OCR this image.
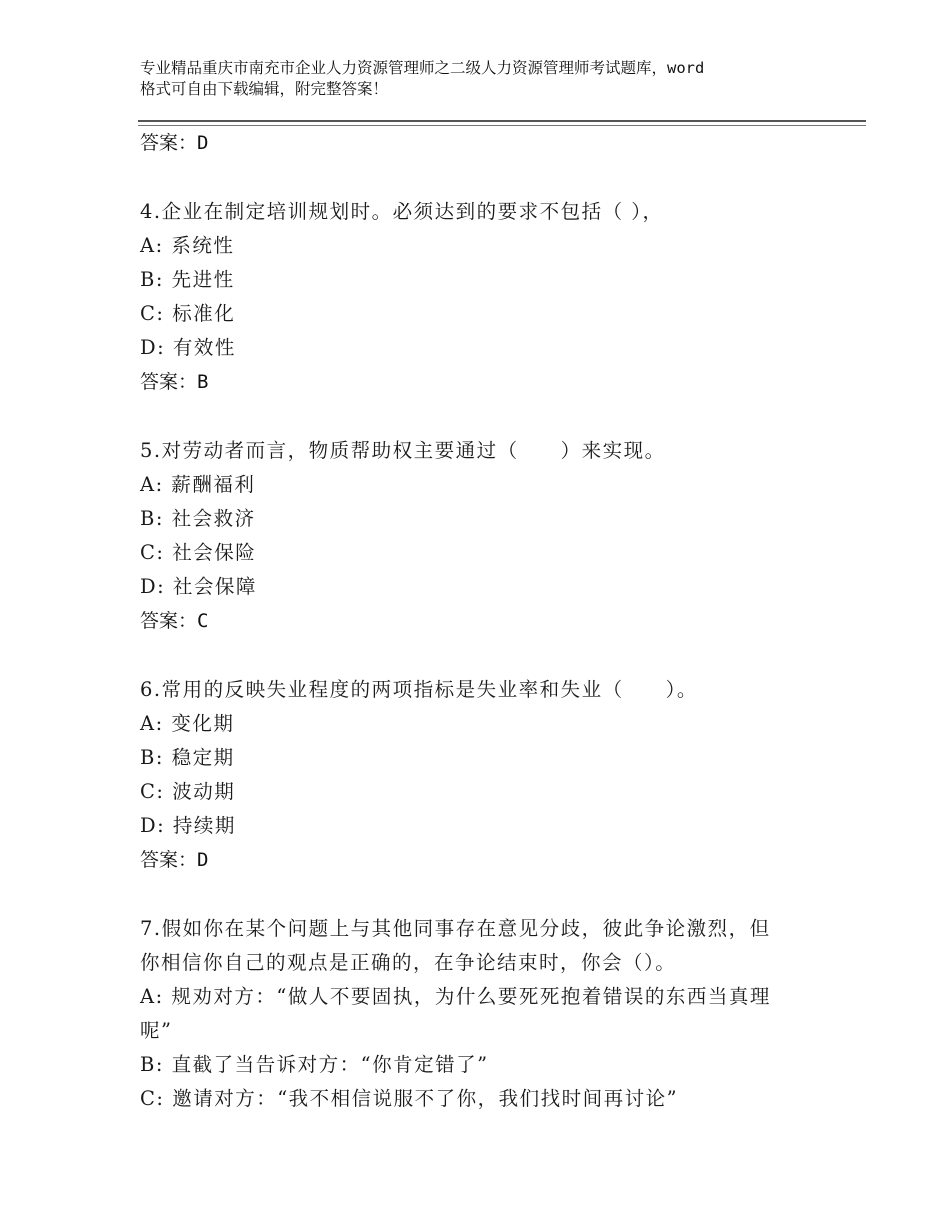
专业精品重庆市南充市企业人力资源管理师之二级人力资源管理师考试题库，word
格式可自由下载编辑，附完整答案！
答案：D
4.企业在制定培训规划时。必须达到的要求不包括（ ），
A: 系统性
B: 先进性
C: 标准化
D: 有效性
答案：B
5.对劳动者而言，物质帮助权主要通过（　　）来实现。
A: 薪酬福利
B: 社会救济
C: 社会保险
D: 社会保障
答案：C
6.常用的反映失业程度的两项指标是失业率和失业（　　）。
A: 变化期
B: 稳定期
C: 波动期
D: 持续期
答案：D
7.假如你在某个问题上与其他同事存在意见分歧，彼此争论激烈，但
你相信你自己的观点是正确的，在争论结束时，你会（）。
A: 规劝对方：“做人不要固执，为什么要死死抱着错误的东西当真理
呢”
B: 直截了当告诉对方：“你肯定错了”
C: 邀请对方：“我不相信说服不了你，我们找时间再讨论”
